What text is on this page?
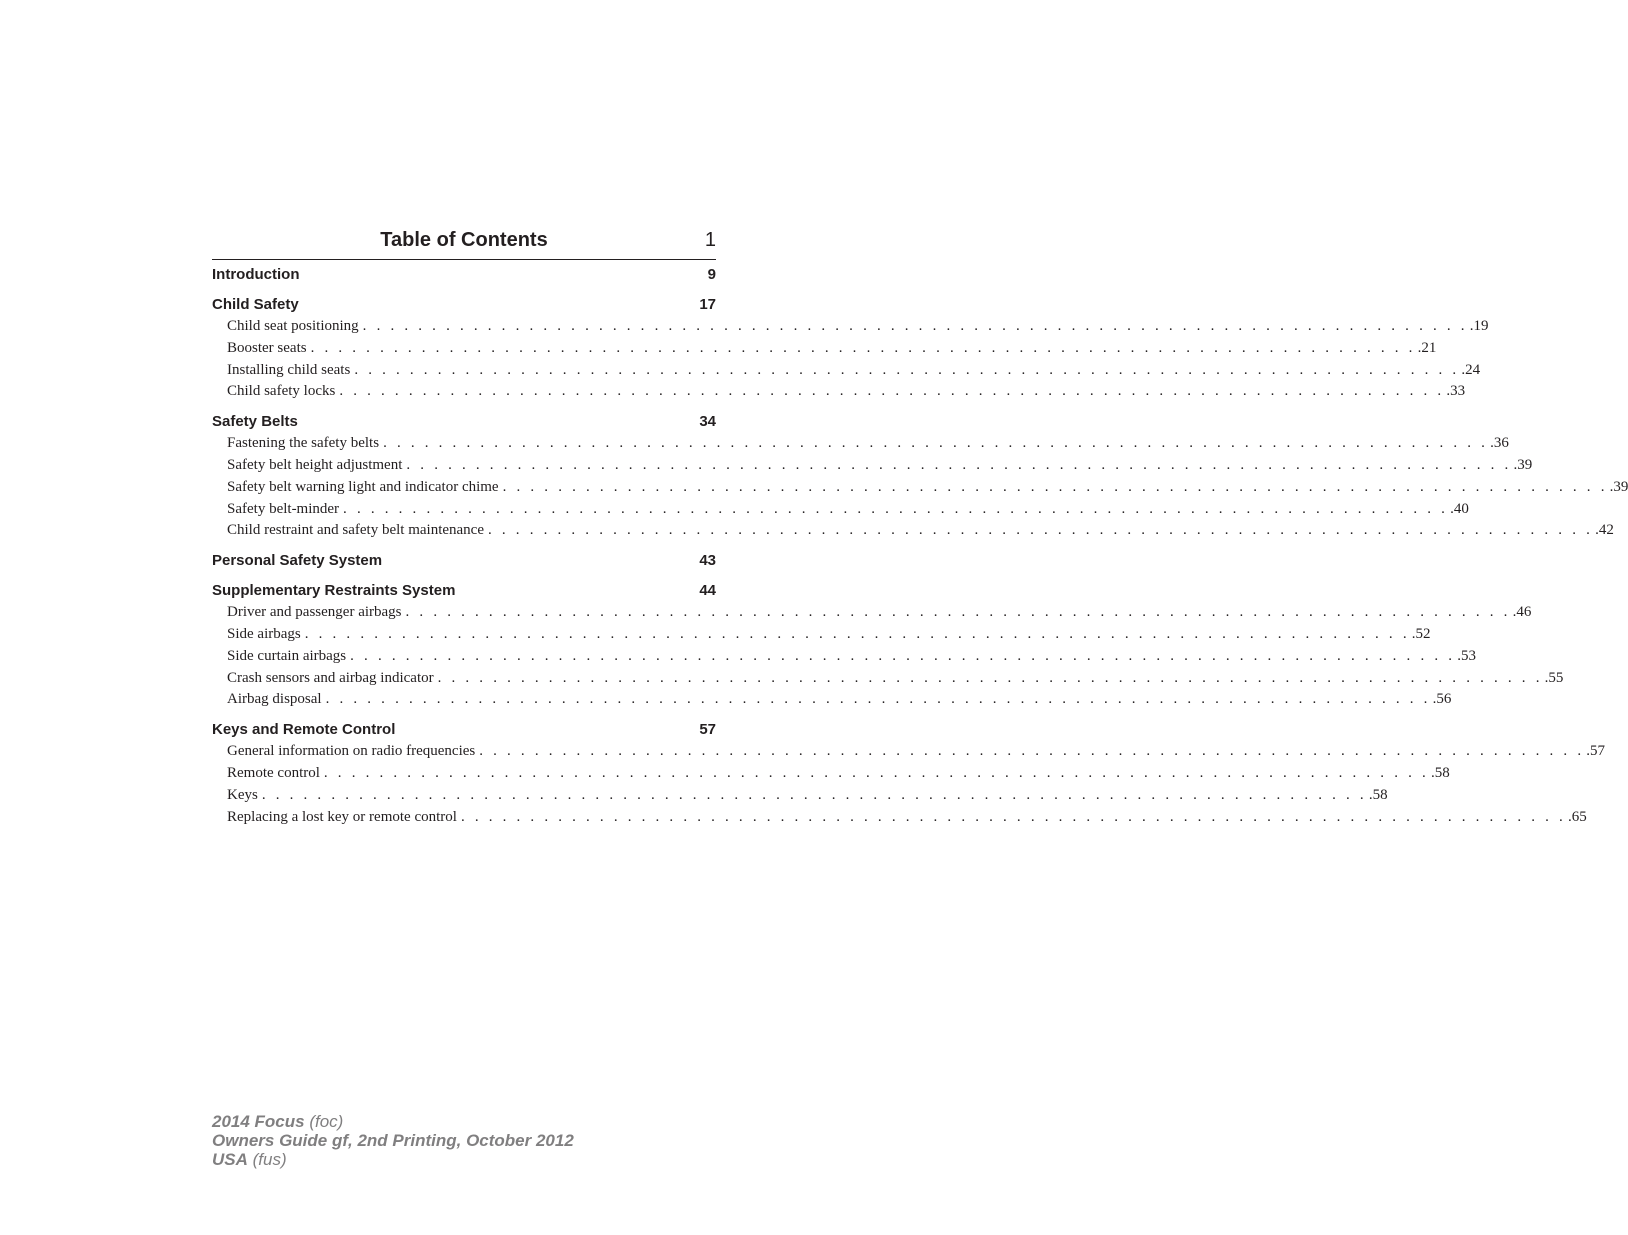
Table of Contents	1
Introduction	9
Child Safety	17
Child seat positioning . . . . . . . . . . . . . . . . . . . . . . . . . . . . . . . . . . . . . . . . . . . . . . . . . . . . . . . . . . . . . . . . . . . . . . . . . . . . . . . . .19
Booster seats . . . . . . . . . . . . . . . . . . . . . . . . . . . . . . . . . . . . . . . . . . . . . . . . . . . . . . . . . . . . . . . . . . . . . . . . . . . . . . . . .21
Installing child seats . . . . . . . . . . . . . . . . . . . . . . . . . . . . . . . . . . . . . . . . . . . . . . . . . . . . . . . . . . . . . . . . . . . . . . . . . . . . . . . . .24
Child safety locks . . . . . . . . . . . . . . . . . . . . . . . . . . . . . . . . . . . . . . . . . . . . . . . . . . . . . . . . . . . . . . . . . . . . . . . . . . . . . . . . .33
Safety Belts	34
Fastening the safety belts . . . . . . . . . . . . . . . . . . . . . . . . . . . . . . . . . . . . . . . . . . . . . . . . . . . . . . . . . . . . . . . . . . . . . . . . . . . . . . . . .36
Safety belt height adjustment . . . . . . . . . . . . . . . . . . . . . . . . . . . . . . . . . . . . . . . . . . . . . . . . . . . . . . . . . . . . . . . . . . . . . . . . . . . . . . . . .39
Safety belt warning light and indicator chime . . . . . . . . . . . . . . . . . . . . . . . . . . . . . . . . . . . . . . . . . . . . . . . . . . . . . . . . . . . . . . . . . . . . . . . . . . . . . . . . .39
Safety belt-minder . . . . . . . . . . . . . . . . . . . . . . . . . . . . . . . . . . . . . . . . . . . . . . . . . . . . . . . . . . . . . . . . . . . . . . . . . . . . . . . . .40
Child restraint and safety belt maintenance . . . . . . . . . . . . . . . . . . . . . . . . . . . . . . . . . . . . . . . . . . . . . . . . . . . . . . . . . . . . . . . . . . . . . . . . . . . . . . . . .42
Personal Safety System	43
Supplementary Restraints System	44
Driver and passenger airbags . . . . . . . . . . . . . . . . . . . . . . . . . . . . . . . . . . . . . . . . . . . . . . . . . . . . . . . . . . . . . . . . . . . . . . . . . . . . . . . . .46
Side airbags . . . . . . . . . . . . . . . . . . . . . . . . . . . . . . . . . . . . . . . . . . . . . . . . . . . . . . . . . . . . . . . . . . . . . . . . . . . . . . . . .52
Side curtain airbags . . . . . . . . . . . . . . . . . . . . . . . . . . . . . . . . . . . . . . . . . . . . . . . . . . . . . . . . . . . . . . . . . . . . . . . . . . . . . . . . .53
Crash sensors and airbag indicator . . . . . . . . . . . . . . . . . . . . . . . . . . . . . . . . . . . . . . . . . . . . . . . . . . . . . . . . . . . . . . . . . . . . . . . . . . . . . . . . .55
Airbag disposal . . . . . . . . . . . . . . . . . . . . . . . . . . . . . . . . . . . . . . . . . . . . . . . . . . . . . . . . . . . . . . . . . . . . . . . . . . . . . . . . .56
Keys and Remote Control	57
General information on radio frequencies . . . . . . . . . . . . . . . . . . . . . . . . . . . . . . . . . . . . . . . . . . . . . . . . . . . . . . . . . . . . . . . . . . . . . . . . . . . . . . . . .57
Remote control . . . . . . . . . . . . . . . . . . . . . . . . . . . . . . . . . . . . . . . . . . . . . . . . . . . . . . . . . . . . . . . . . . . . . . . . . . . . . . . . .58
Keys . . . . . . . . . . . . . . . . . . . . . . . . . . . . . . . . . . . . . . . . . . . . . . . . . . . . . . . . . . . . . . . . . . . . . . . . . . . . . . . . .58
Replacing a lost key or remote control . . . . . . . . . . . . . . . . . . . . . . . . . . . . . . . . . . . . . . . . . . . . . . . . . . . . . . . . . . . . . . . . . . . . . . . . . . . . . . . . .65
2014 Focus (foc)
Owners Guide gf, 2nd Printing, October 2012
USA (fus)
